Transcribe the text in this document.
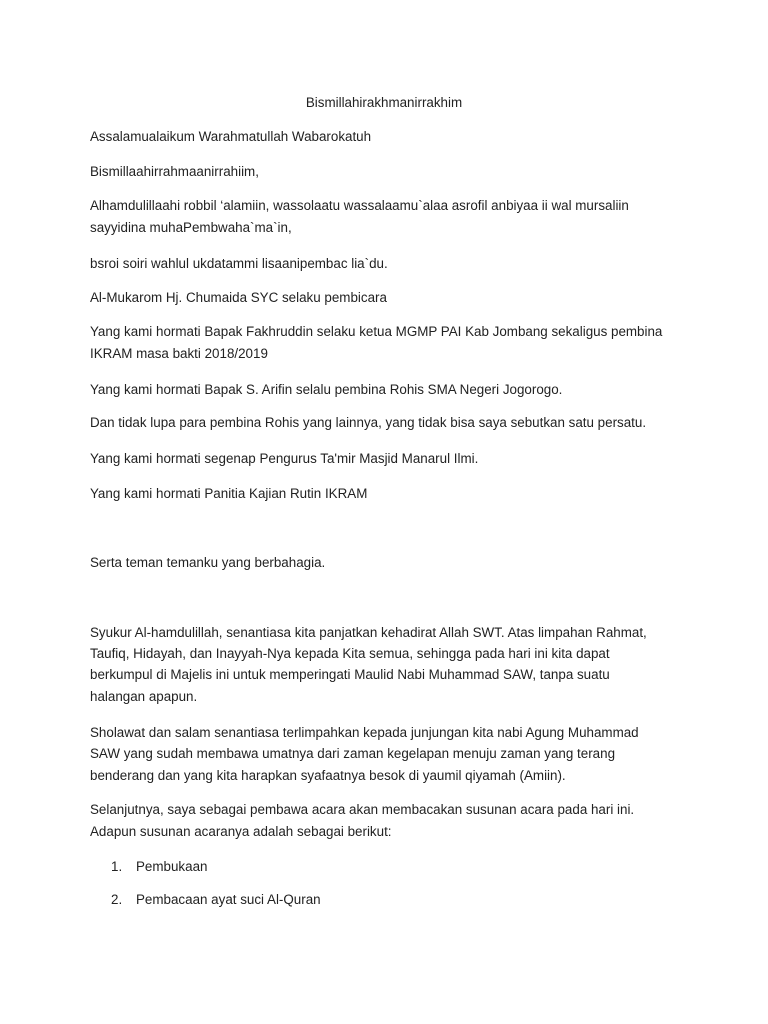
Bismillahirakhmanirrakhim
Assalamualaikum Warahmatullah Wabarokatuh
Bismillaahirrahmaanirrahiim,
Alhamdulillaahi robbil ‘alamiin, wassolaatu wassalaamu`alaa asrofil anbiyaa ii wal mursaliin
sayyidina muhaPembwaha`ma`in,
bsroi soiri wahlul ukdatammi lisaanipembac lia`du.
Al-Mukarom Hj. Chumaida SYC selaku pembicara
Yang kami hormati Bapak Fakhruddin selaku ketua MGMP PAI Kab Jombang sekaligus pembina
IKRAM masa bakti 2018/2019
Yang kami hormati Bapak S. Arifin selalu pembina Rohis SMA Negeri Jogorogo.
Dan tidak lupa para pembina Rohis yang lainnya, yang tidak bisa saya sebutkan satu persatu.
Yang kami hormati segenap Pengurus Ta'mir Masjid Manarul Ilmi.
Yang kami hormati Panitia Kajian Rutin IKRAM
Serta teman temanku yang berbahagia.
Syukur Al-hamdulillah, senantiasa kita panjatkan kehadirat Allah SWT. Atas limpahan Rahmat,
Taufiq, Hidayah, dan Inayyah-Nya kepada Kita semua, sehingga pada hari ini kita dapat
berkumpul di Majelis ini untuk memperingati Maulid Nabi Muhammad SAW, tanpa suatu
halangan apapun.
Sholawat dan salam senantiasa terlimpahkan kepada junjungan kita nabi Agung Muhammad
SAW yang sudah membawa umatnya dari zaman kegelapan menuju zaman yang terang
benderang dan yang kita harapkan syafaatnya besok di yaumil qiyamah (Amiin).
Selanjutnya, saya sebagai pembawa acara akan membacakan susunan acara pada hari ini.
Adapun susunan acaranya adalah sebagai berikut:
1. Pembukaan
2. Pembacaan ayat suci Al-Quran
